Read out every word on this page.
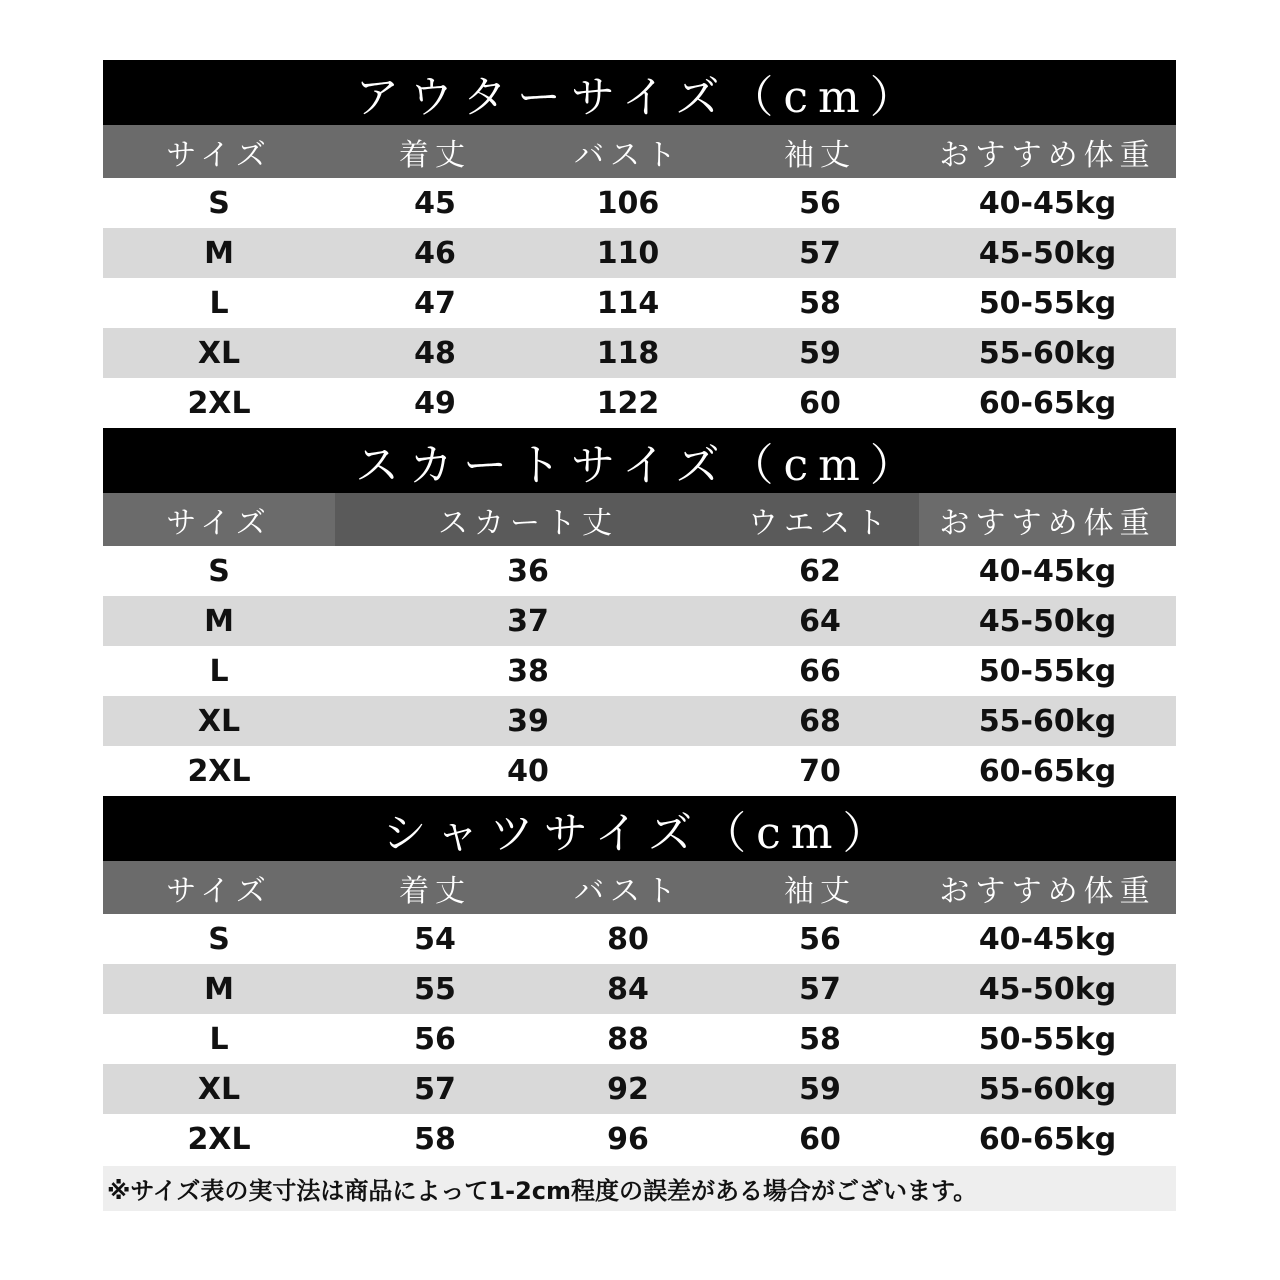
アウターサイズ（cm）
サイズ	着丈	バスト	袖丈	おすすめ体重
S	45	106	56	40-45kg
M	46	110	57	45-50kg
L	47	114	58	50-55kg
XL	48	118	59	55-60kg
2XL	49	122	60	60-65kg
スカートサイズ（cm）
サイズ	スカート丈	ウエスト	おすすめ体重
S	36	62	40-45kg
M	37	64	45-50kg
L	38	66	50-55kg
XL	39	68	55-60kg
2XL	40	70	60-65kg
シャツサイズ（cm）
サイズ	着丈	バスト	袖丈	おすすめ体重
S	54	80	56	40-45kg
M	55	84	57	45-50kg
L	56	88	58	50-55kg
XL	57	92	59	55-60kg
2XL	58	96	60	60-65kg
※サイズ表の実寸法は商品によって1-2cm程度の誤差がある場合がございます。
